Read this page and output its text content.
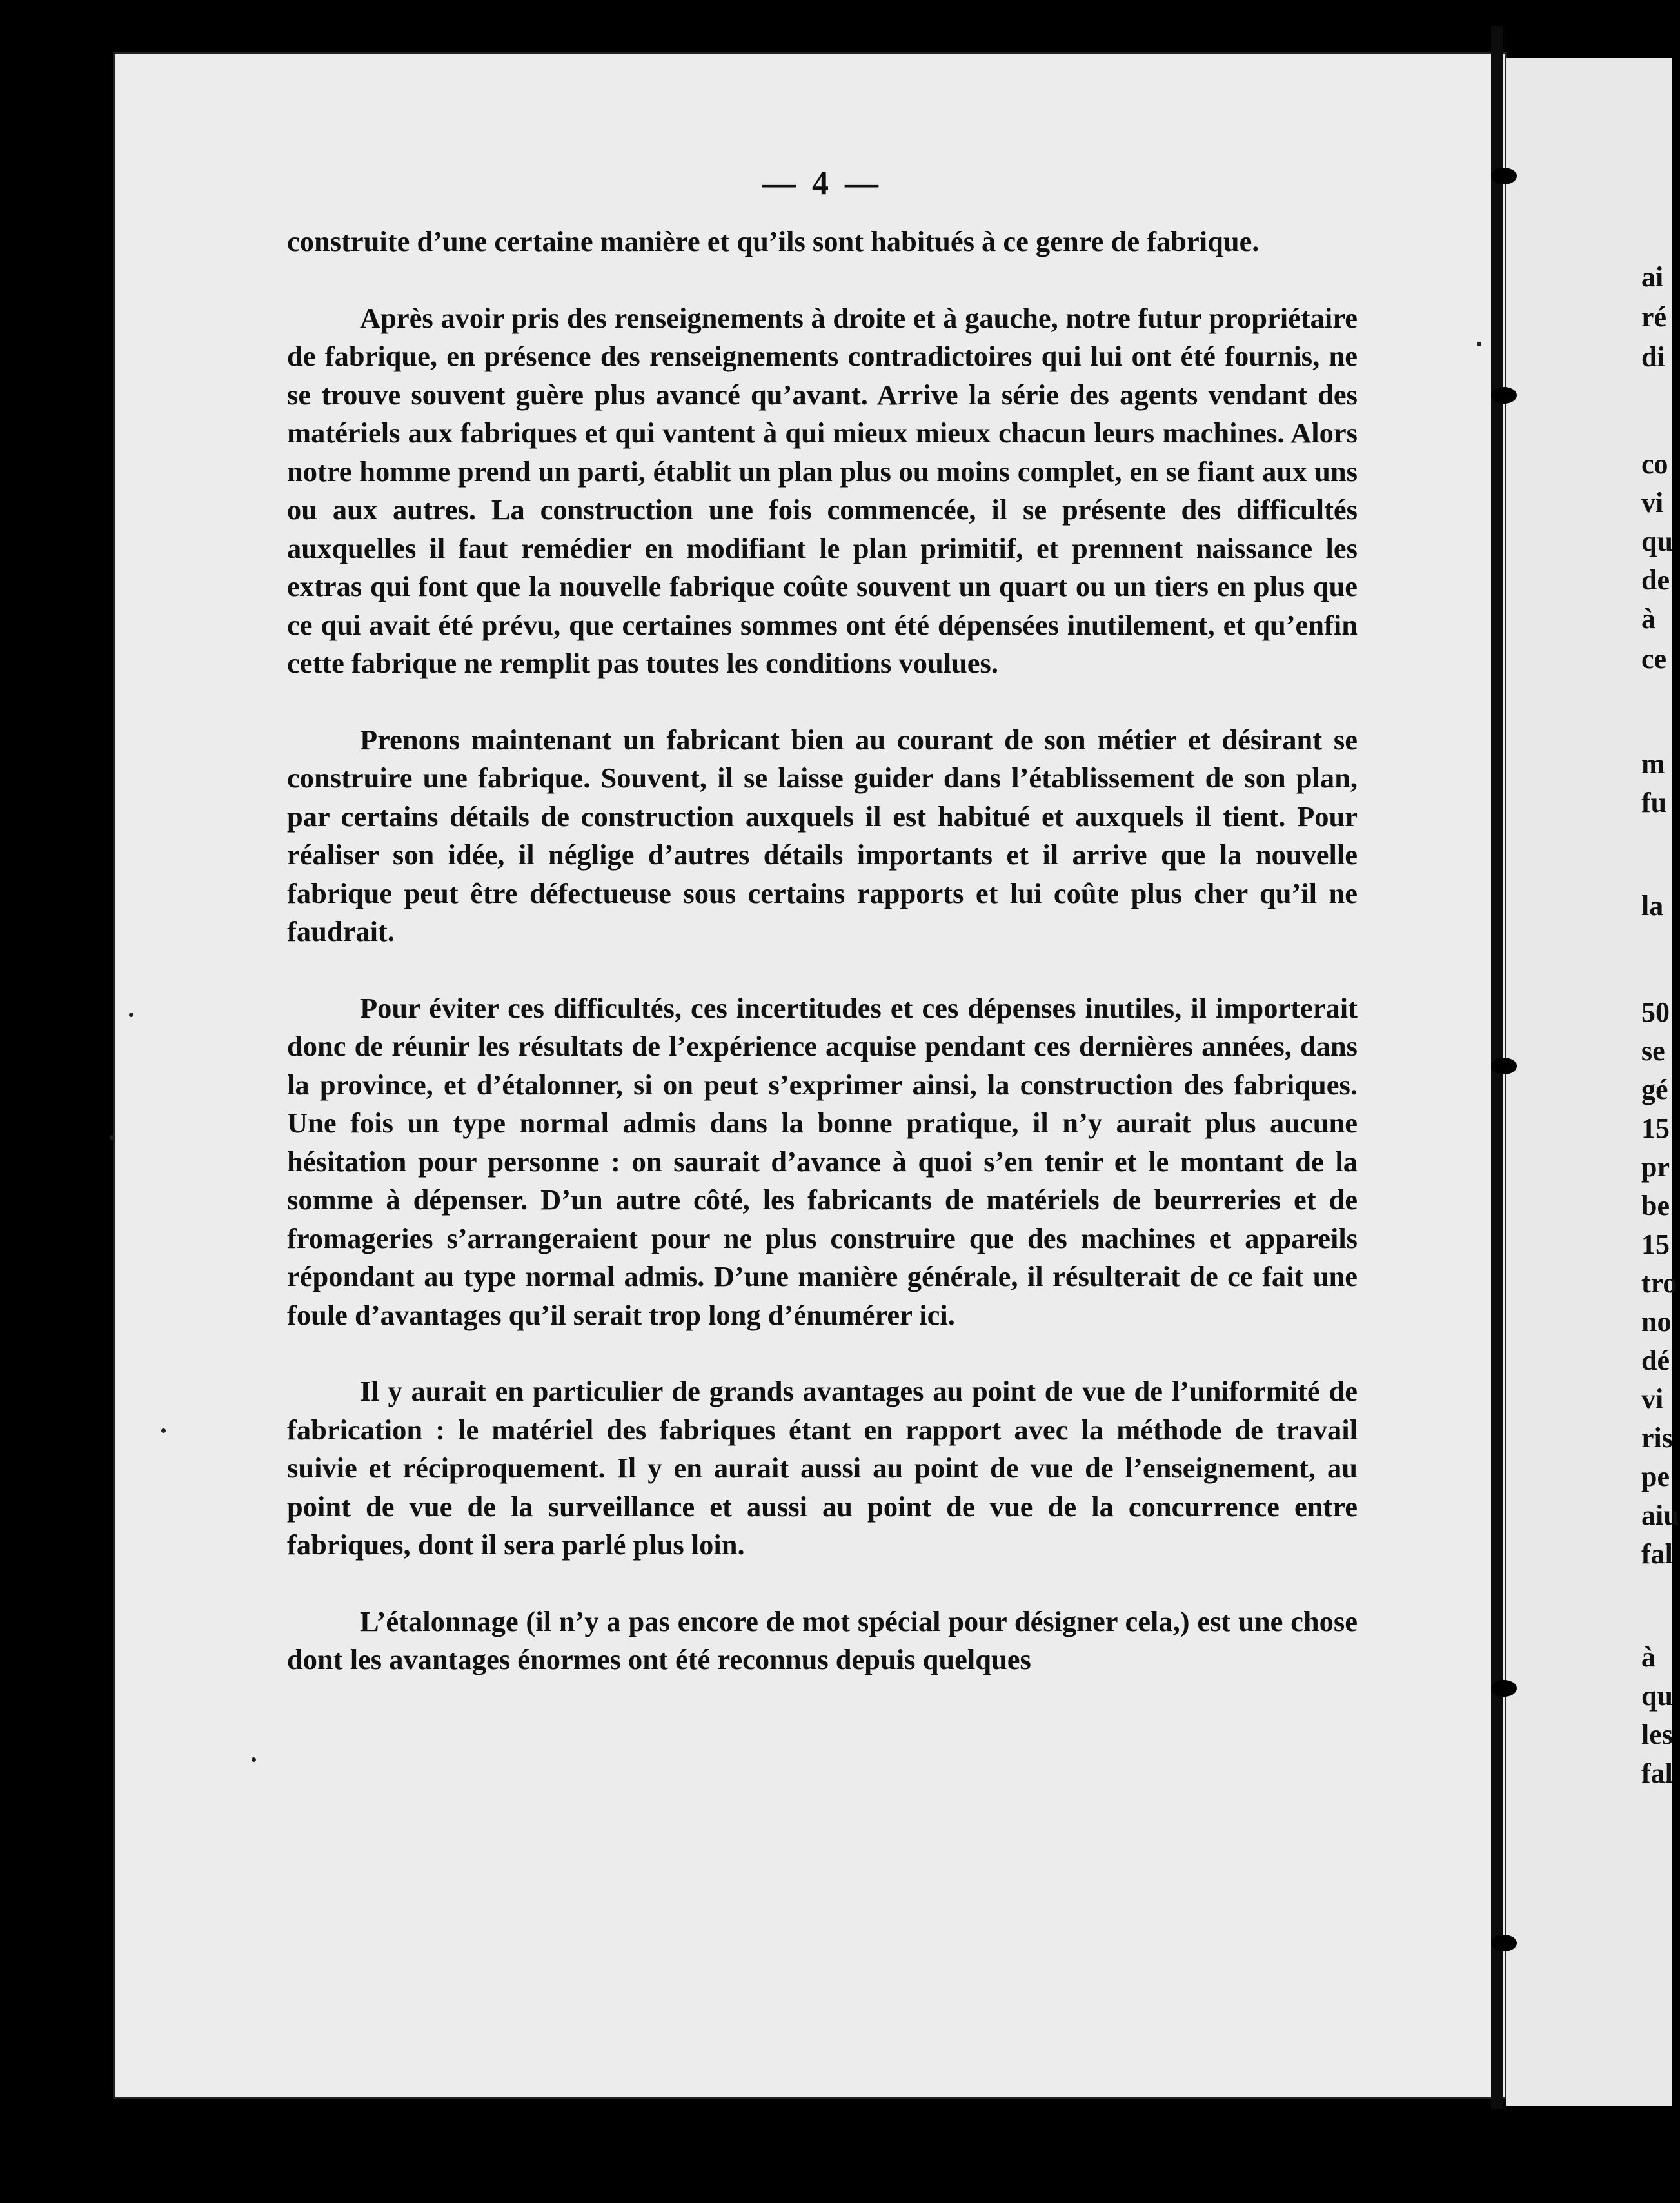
— 4 —

construite d’une certaine manière et qu’ils sont habitués à ce genre de fabrique.

Après avoir pris des renseignements à droite et à gauche, notre futur propriétaire de fabrique, en présence des renseignements contradictoires qui lui ont été fournis, ne se trouve souvent guère plus avancé qu’avant. Arrive la série des agents vendant des matériels aux fabriques et qui vantent à qui mieux mieux chacun leurs machines. Alors notre homme prend un parti, établit un plan plus ou moins complet, en se fiant aux uns ou aux autres. La construction une fois commencée, il se présente des difficultés auxquelles il faut remédier en modifiant le plan primitif, et prennent naissance les extras qui font que la nouvelle fabrique coûte souvent un quart ou un tiers en plus que ce qui avait été prévu, que certaines sommes ont été dépensées inutilement, et qu’enfin cette fabrique ne remplit pas toutes les conditions voulues.

Prenons maintenant un fabricant bien au courant de son métier et désirant se construire une fabrique. Souvent, il se laisse guider dans l’établissement de son plan, par certains détails de construction auxquels il est habitué et auxquels il tient. Pour réaliser son idée, il néglige d’autres détails importants et il arrive que la nouvelle fabrique peut être défectueuse sous certains rapports et lui coûte plus cher qu’il ne faudrait.

Pour éviter ces difficultés, ces incertitudes et ces dépenses inutiles, il importerait donc de réunir les résultats de l’expérience acquise pendant ces dernières années, dans la province, et d’étalonner, si on peut s’exprimer ainsi, la construction des fabriques. Une fois un type normal admis dans la bonne pratique, il n’y aurait plus aucune hésitation pour personne : on saurait d’avance à quoi s’en tenir et le montant de la somme à dépenser. D’un autre côté, les fabricants de matériels de beurreries et de fromageries s’arrangeraient pour ne plus construire que des machines et appareils répondant au type normal admis. D’une manière générale, il résulterait de ce fait une foule d’avantages qu’il serait trop long d’énumérer ici.

Il y aurait en particulier de grands avantages au point de vue de l’uniformité de fabrication : le matériel des fabriques étant en rapport avec la méthode de travail suivie et réciproquement. Il y en aurait aussi au point de vue de l’enseignement, au point de vue de la surveillance et aussi au point de vue de la concurrence entre fabriques, dont il sera parlé plus loin.

L’étalonnage (il n’y a pas encore de mot spécial pour désigner cela,) est une chose dont les avantages énormes ont été reconnus depuis quelques

ai
ré
di
co
vi
qu
de
à
ce
m
fu
la
50
se
gé
15
pr
be
15
tro
no
dé
vi
ris
pe
aiu
fal
à
qu
les
fal
